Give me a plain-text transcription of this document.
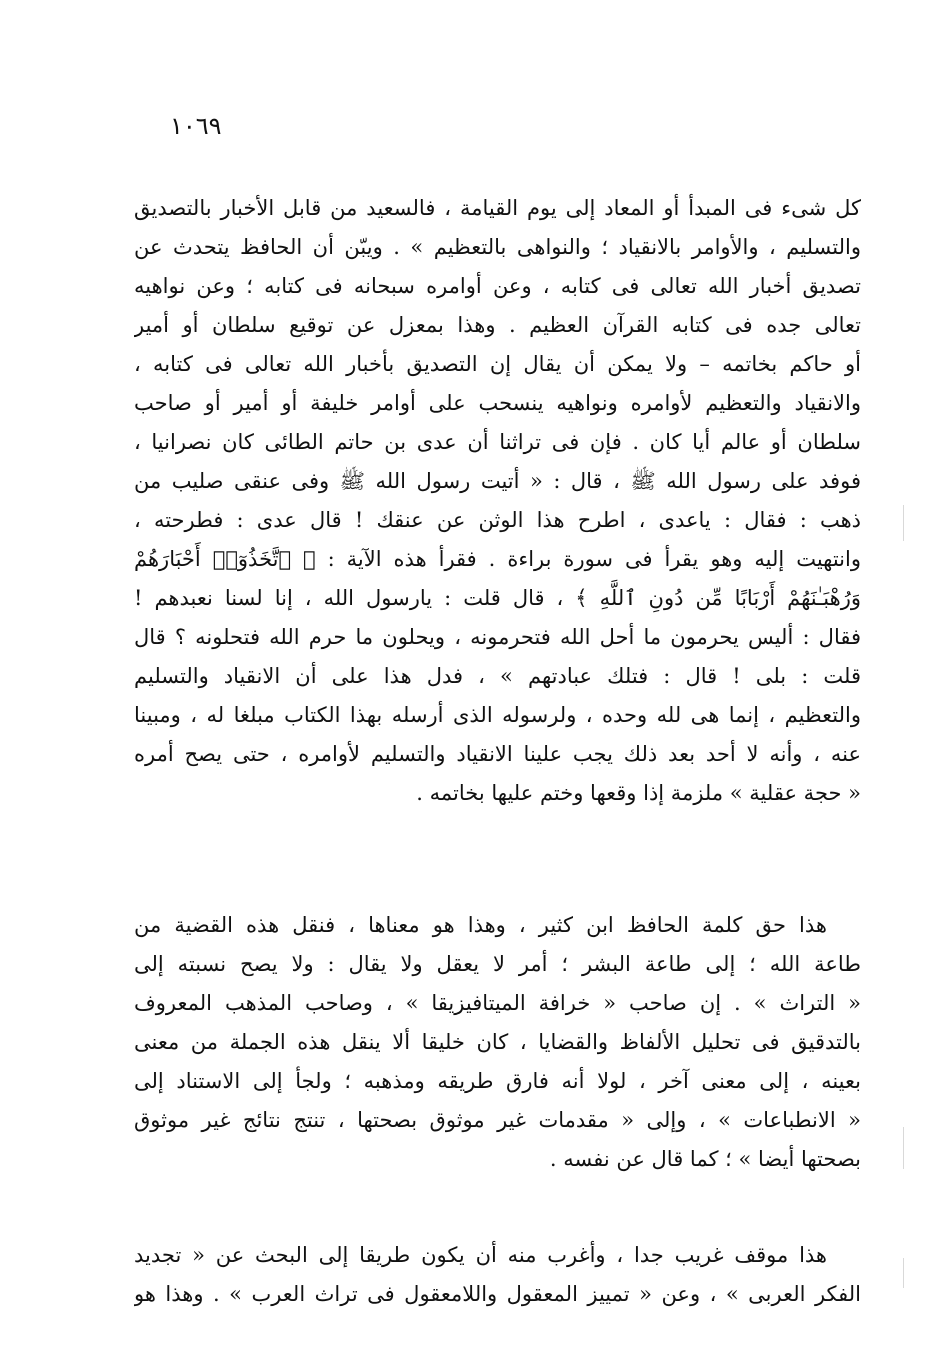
١٠٦٩
كل شىء فى المبدأ أو المعاد إلى يوم القيامة ، فالسعيد من قابل الأخبار بالتصديق
والتسليم ، والأوامر بالانقياد ؛ والنواهى بالتعظيم » . ويبّن أن الحافظ يتحدث عن
تصديق أخبار الله تعالى فى كتابه ، وعن أوامره سبحانه فى كتابه ؛ وعن نواهيه
تعالى جده فى كتابه القرآن العظيم . وهذا بمعزل عن توقيع سلطان أو أمير
أو حاكم بخاتمه – ولا يمكن أن يقال إن التصديق بأخبار الله تعالى فى كتابه ،
والانقياد والتعظيم لأوامره ونواهيه ينسحب على أوامر خليفة أو أمير أو صاحب
سلطان أو عالم أيا كان . فإن فى تراثنا أن عدى بن حاتم الطائى كان نصرانيا ،
فوفد على رسول الله ﷺ ، قال : « أتيت رسول الله ﷺ وفى عنقى صليب من
ذهب : فقال : ياعدى ، اطرح هذا الوثن عن عنقك ! قال عدى : فطرحته ،
وانتهيت إليه وهو يقرأ فى سورة براءة . فقرأ هذه الآية : ﴿ ٱتَّخَذُوٓا۟ أَحْبَارَهُمْ
وَرُهْبَـٰنَهُمْ أَرْبَابًا مِّن دُونِ ٱللَّهِ ﴾ ، قال قلت : يارسول الله ، إنا لسنا نعبدهم !
فقال : أليس يحرمون ما أحل الله فتحرمونه ، ويحلون ما حرم الله فتحلونه ؟ قال
قلت : بلى ! قال : فتلك عبادتهم » ، فدل هذا على أن الانقياد والتسليم
والتعظيم ، إنما هى لله وحده ، ولرسوله الذى أرسله بهذا الكتاب مبلغا له ، ومبينا
عنه ، وأنه لا أحد بعد ذلك يجب علينا الانقياد والتسليم لأوامره ، حتى يصح أمره
« حجة عقلية » ملزمة إذا وقعها وختم عليها بخاتمه .
هذا حق كلمة الحافظ ابن كثير ، وهذا هو معناها ، فنقل هذه القضية من
طاعة الله ؛ إلى طاعة البشر ؛ أمر لا يعقل ولا يقال : ولا يصح نسبته إلى
« التراث » . إن صاحب « خرافة الميتافيزيقا » ، وصاحب المذهب المعروف
بالتدقيق فى تحليل الألفاظ والقضايا ، كان خليقا ألا ينقل هذه الجملة من معنى
بعينه ، إلى معنى آخر ، لولا أنه فارق طريقه ومذهبه ؛ ولجأ إلى الاستناد إلى
« الانطباعات » ، وإلى « مقدمات غير موثوق بصحتها ، تنتج نتائج غير موثوق
بصحتها أيضا » ؛ كما قال عن نفسه .
هذا موقف غريب جدا ، وأغرب منه أن يكون طريقا إلى البحث عن « تجديد
الفكر العربى » ، وعن « تمييز المعقول واللامعقول فى تراث العرب » . وهذا هو
